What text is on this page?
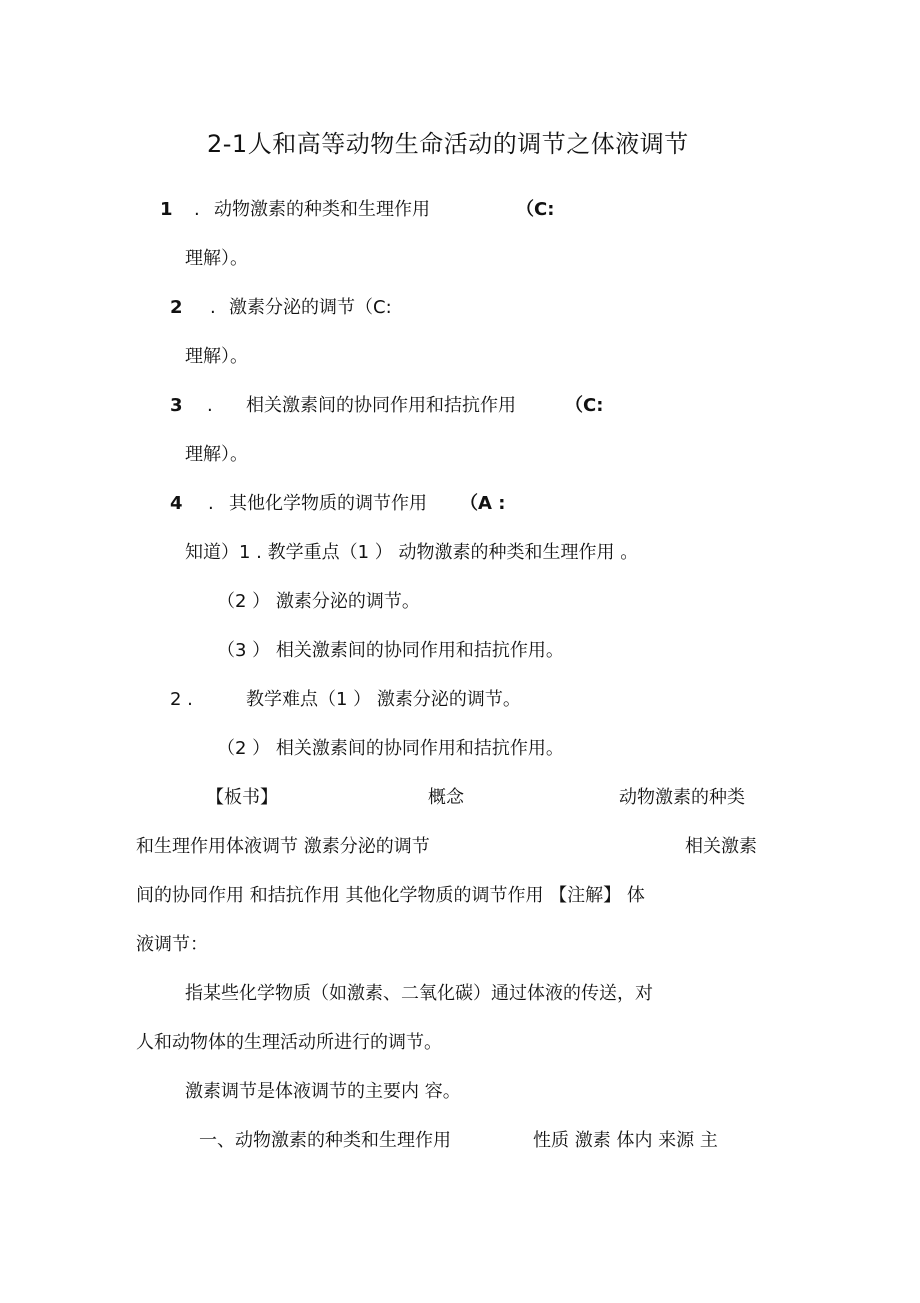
2-1人和高等动物生命活动的调节之体液调节
1 . 动物激素的种类和生理作用	（C:
理解）。
2 . 激素分泌的调节（C:
理解）。
3 . 相关激素间的协同作用和拮抗作用	（C:
理解）。
4 . 其他化学物质的调节作用 （A :
知道）1 . 教学重点（1 ） 动物激素的种类和生理作用 。
（2 ） 激素分泌的调节。
（3 ） 相关激素间的协同作用和拮抗作用。
2 .	教学难点（1 ） 激素分泌的调节。
（2 ） 相关激素间的协同作用和拮抗作用。
【板书】	概念	动物激素的种类
和生理作用体液调节 激素分泌的调节	相关激素
间的协同作用 和拮抗作用 其他化学物质的调节作用 【注解】 体
液调节：
指某些化学物质（如激素、二氧化碳）通过体液的传送，对
人和动物体的生理活动所进行的调节。
激素调节是体液调节的主要内 容。
一、动物激素的种类和生理作用	性质 激素 体内 来源 主
